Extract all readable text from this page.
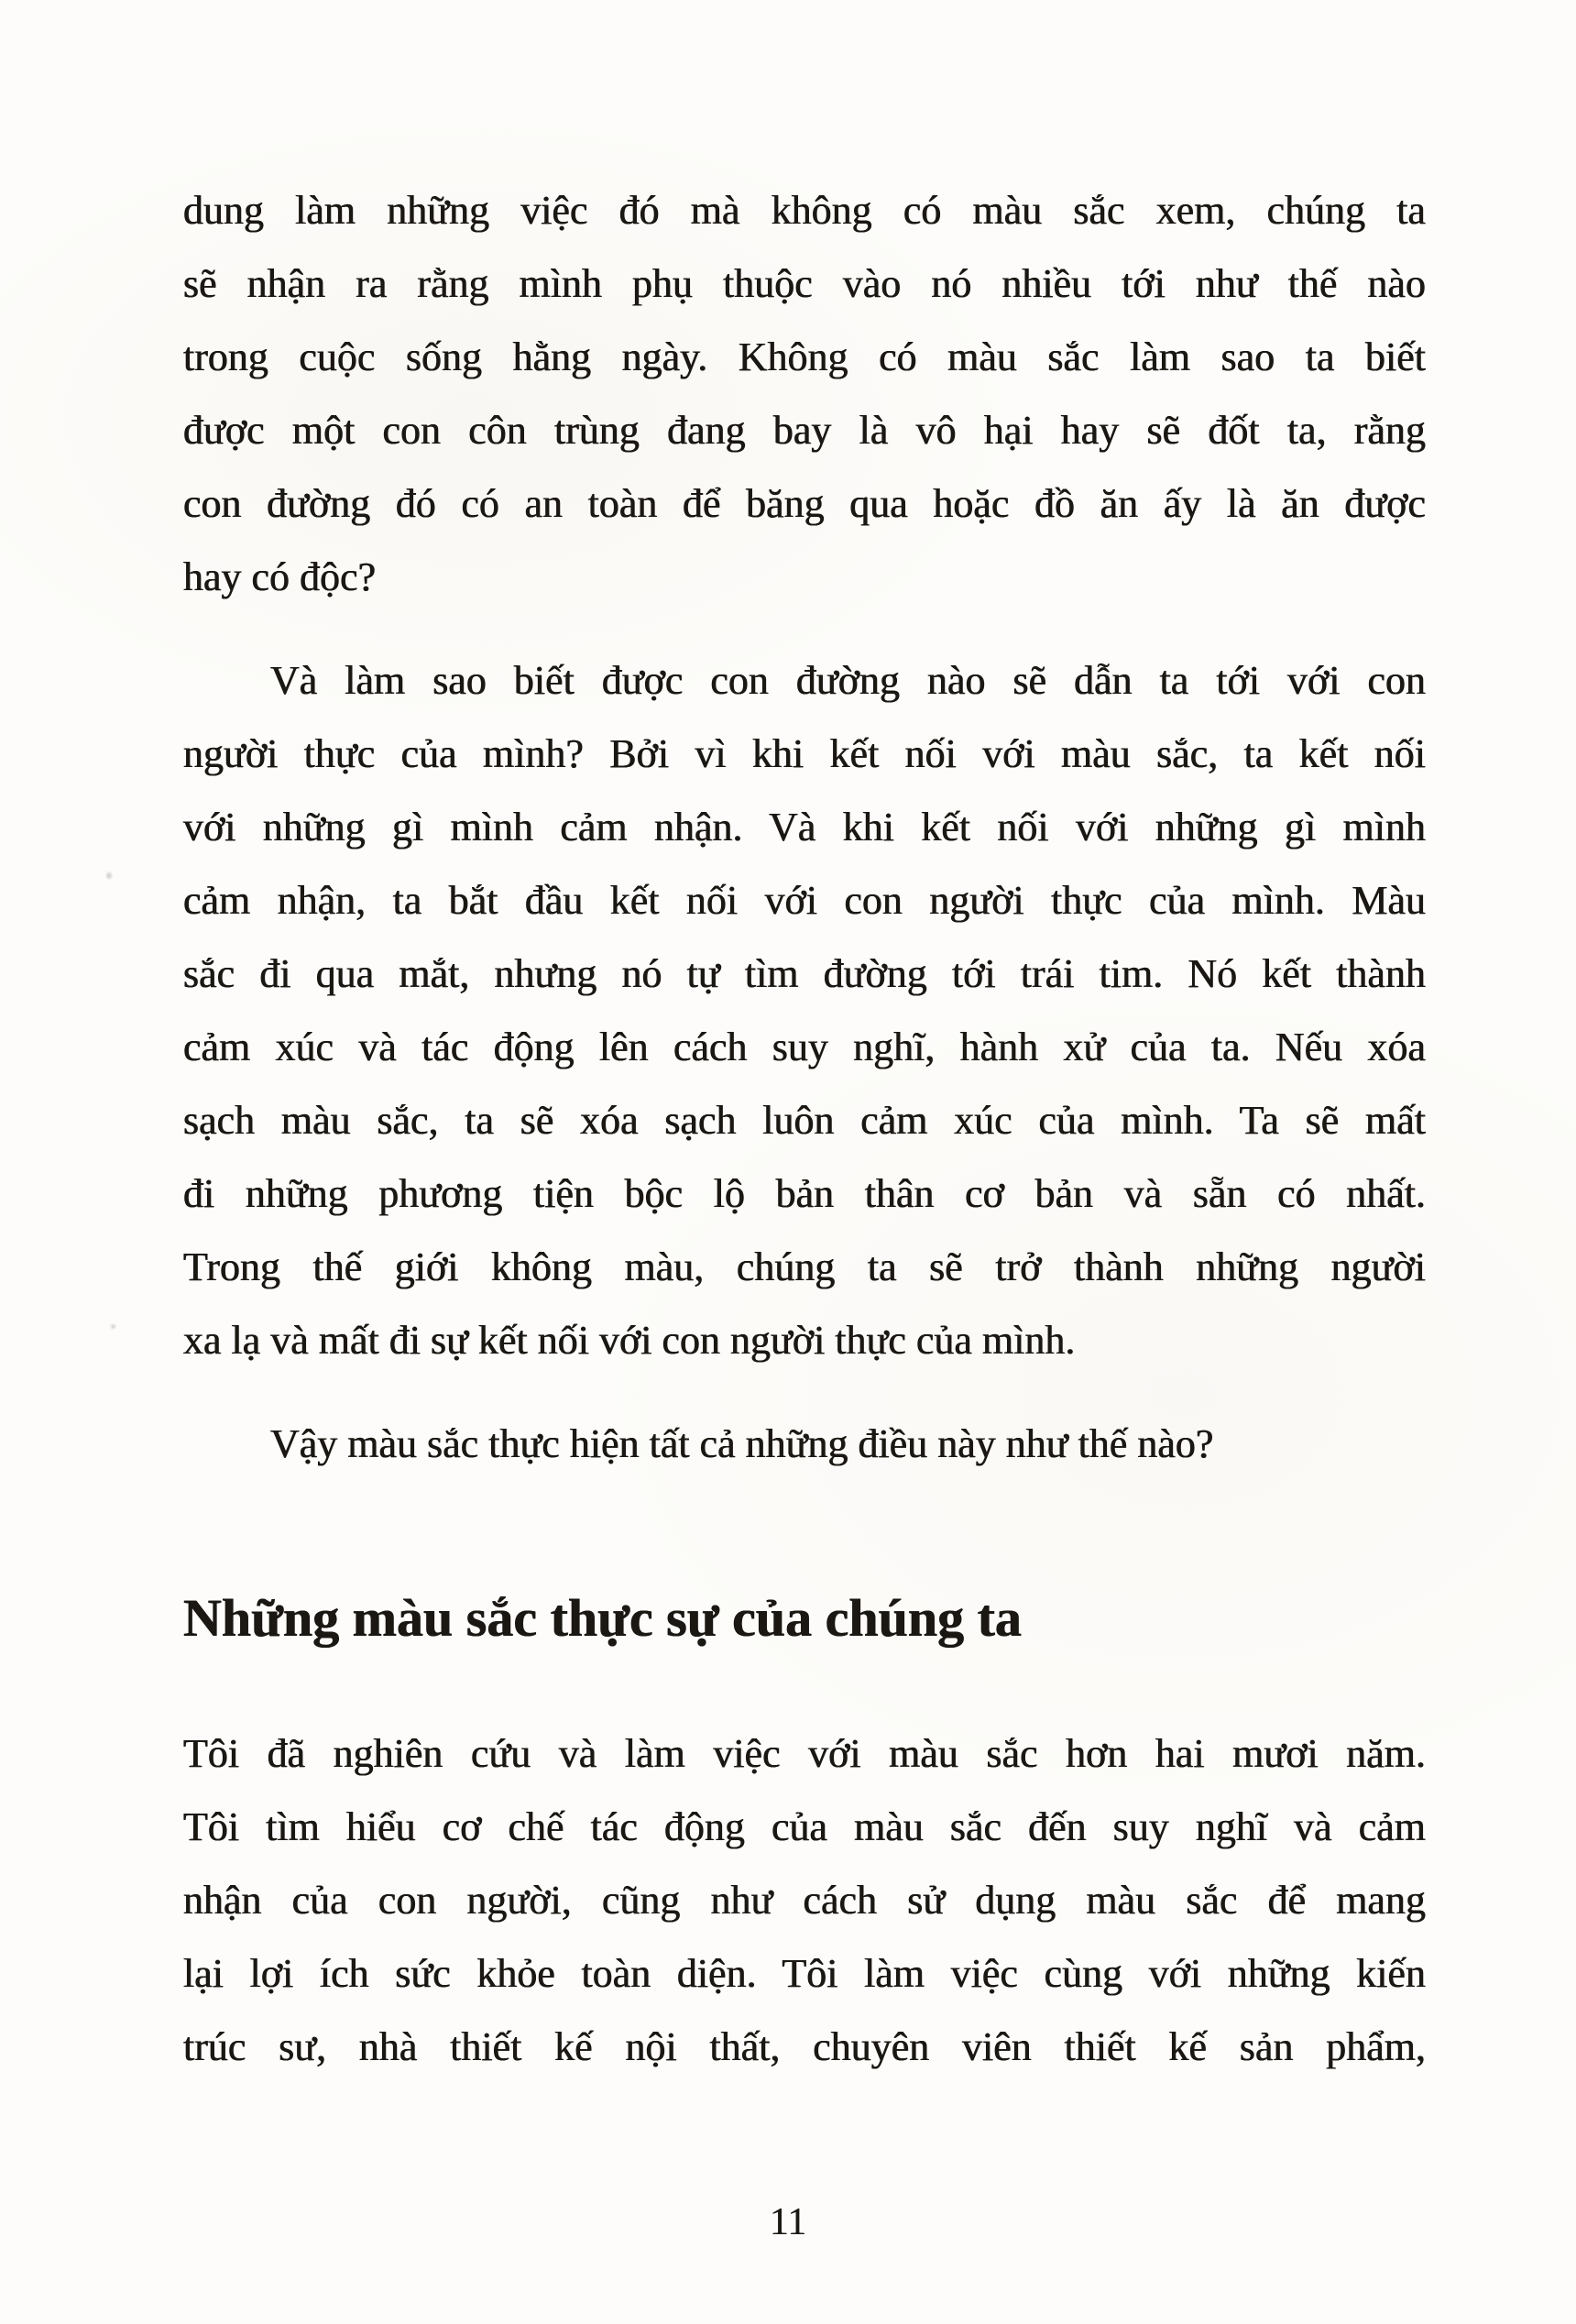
dung làm những việc đó mà không có màu sắc xem, chúng ta
sẽ nhận ra rằng mình phụ thuộc vào nó nhiều tới như thế nào
trong cuộc sống hằng ngày. Không có màu sắc làm sao ta biết
được một con côn trùng đang bay là vô hại hay sẽ đốt ta, rằng
con đường đó có an toàn để băng qua hoặc đồ ăn ấy là ăn được
hay có độc?
Và làm sao biết được con đường nào sẽ dẫn ta tới với con
người thực của mình? Bởi vì khi kết nối với màu sắc, ta kết nối
với những gì mình cảm nhận. Và khi kết nối với những gì mình
cảm nhận, ta bắt đầu kết nối với con người thực của mình. Màu
sắc đi qua mắt, nhưng nó tự tìm đường tới trái tim. Nó kết thành
cảm xúc và tác động lên cách suy nghĩ, hành xử của ta. Nếu xóa
sạch màu sắc, ta sẽ xóa sạch luôn cảm xúc của mình. Ta sẽ mất
đi những phương tiện bộc lộ bản thân cơ bản và sẵn có nhất.
Trong thế giới không màu, chúng ta sẽ trở thành những người
xa lạ và mất đi sự kết nối với con người thực của mình.
Vậy màu sắc thực hiện tất cả những điều này như thế nào?
Những màu sắc thực sự của chúng ta
Tôi đã nghiên cứu và làm việc với màu sắc hơn hai mươi năm.
Tôi tìm hiểu cơ chế tác động của màu sắc đến suy nghĩ và cảm
nhận của con người, cũng như cách sử dụng màu sắc để mang
lại lợi ích sức khỏe toàn diện. Tôi làm việc cùng với những kiến
trúc sư, nhà thiết kế nội thất, chuyên viên thiết kế sản phẩm,
11
